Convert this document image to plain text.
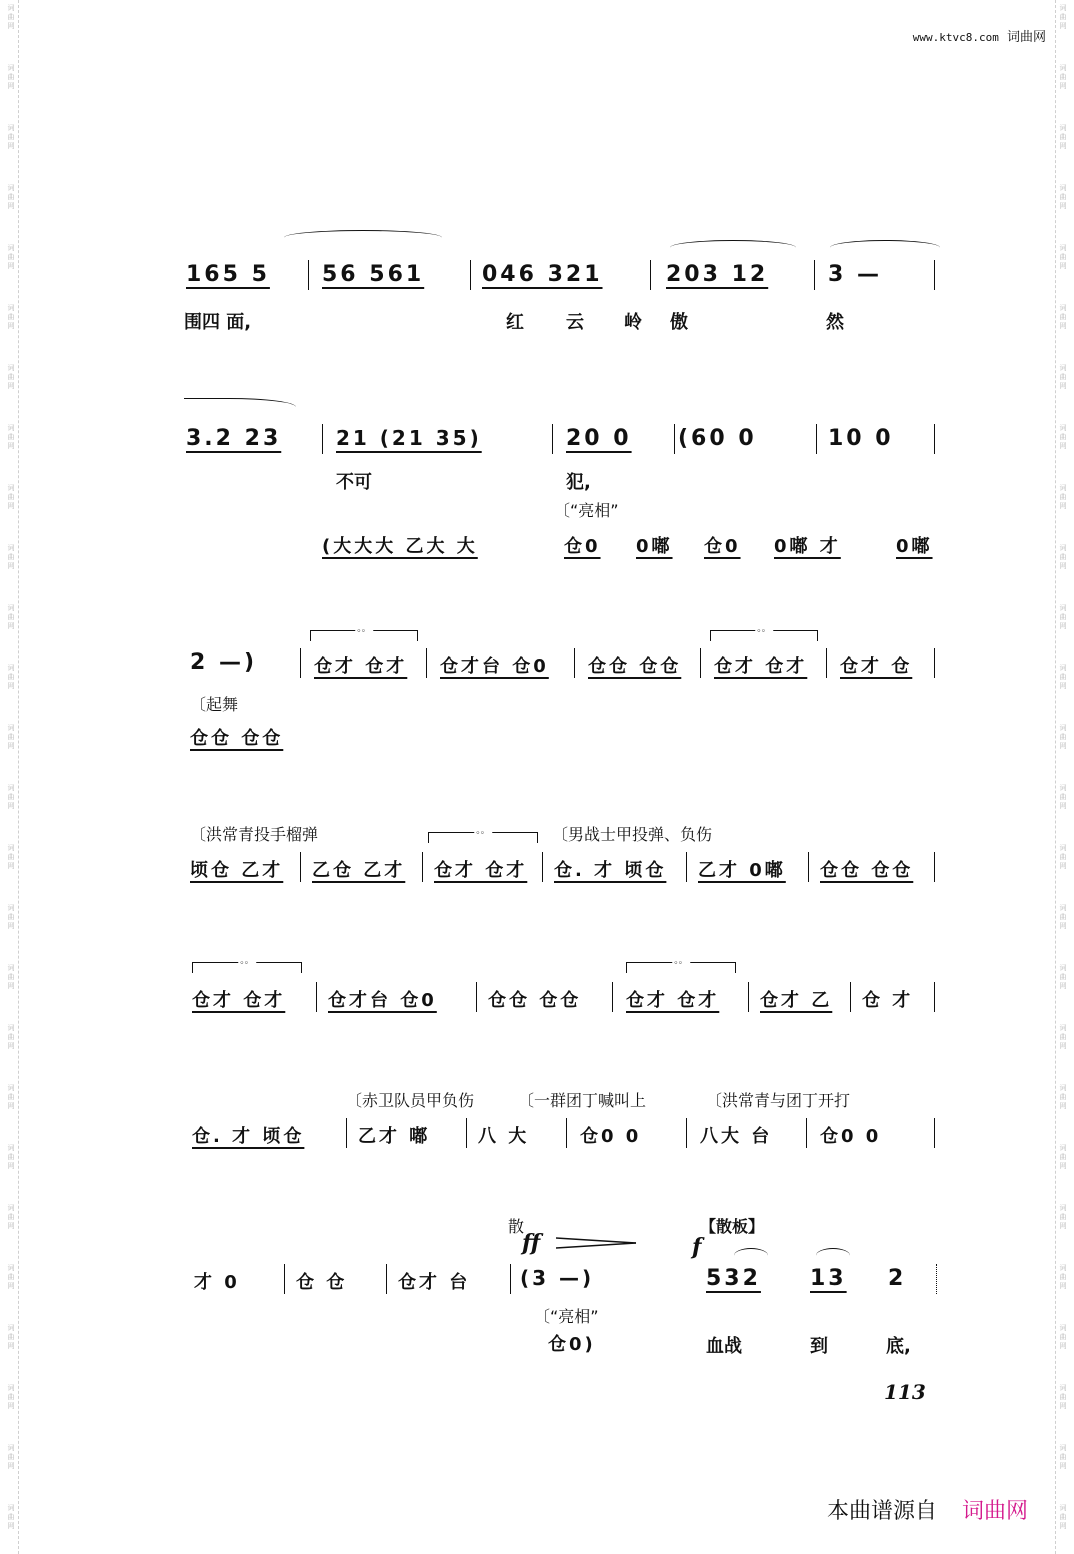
词
曲
网
词
曲
网
词
曲
网
词
曲
网
词
曲
网
词
曲
网
词
曲
网
词
曲
网
词
曲
网
词
曲
网
词
曲
网
词
曲
网
词
曲
网
词
曲
网
词
曲
网
词
曲
网
词
曲
网
词
曲
网
词
曲
网
词
曲
网
词
曲
网
词
曲
网
词
曲
网
词
曲
网
词
曲
网
词
曲
网
词
曲
网
词
曲
网
词
曲
网
词
曲
网
词
曲
网
词
曲
网
词
曲
网
词
曲
网
词
曲
网
词
曲
网
词
曲
网
词
曲
网
词
曲
网
词
曲
网
词
曲
网
词
曲
网
词
曲
网
词
曲
网
词
曲
网
词
曲
网
词
曲
网
词
曲
网
词
曲
网
词
曲
网
词
曲
网
词
曲
网
www.ktvc8.com 词曲网
165 5 56 561	046 321	203 12	3 —
围四 面,	红 云 岭 傲	然
3.2 23	21 (21 35)	20 0 (60 0	10 0
不可	犯,
〔“亮相”
(大大大 乙大 大	仓0 0嘟 仓0 0嘟 才	0嘟
。。	。。
2 —)	仓才 仓才 仓才台 仓0 仓仓 仓仓 仓才 仓才 仓才 仓
〔起舞
仓仓 仓仓
〔洪常青投手榴弹	〔男战士甲投弹、负伤
。。
顷仓 乙才 乙仓 乙才 仓才 仓才 仓. 才 顷仓 乙才 0嘟 仓仓 仓仓
。。	。。
仓才 仓才 仓才台 仓0	仓仓 仓仓 仓才 仓才 仓才 乙 仓 才
〔赤卫队员甲负伤	〔一群团丁喊叫上	〔洪常青与团丁开打
仓. 才 顷仓	乙才 嘟	八 大	仓0 0	八大 台	仓0 0
散
ff
【散板】
f
才 0	仓 仓	仓才 台 (3 —)	532 13 2
〔“亮相”
仓0)	血战	到	底,
113
本曲谱源自 词曲网
